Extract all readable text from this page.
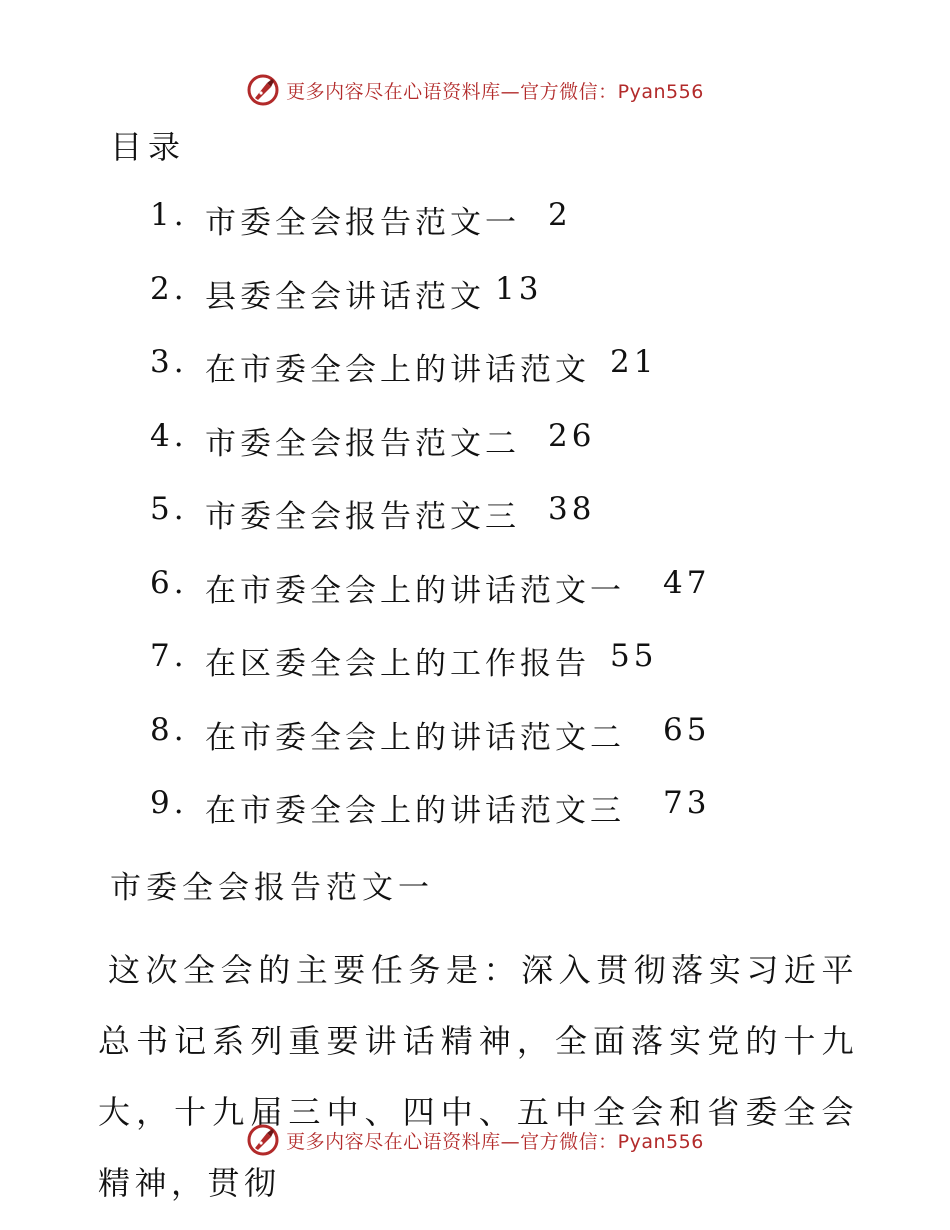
更多内容尽在心语资料库—官方微信：Pyan556
目录
1. 市委全会报告范文一 2
2. 县委全会讲话范文 13
3. 在市委全会上的讲话范文 21
4. 市委全会报告范文二 26
5. 市委全会报告范文三 38
6. 在市委全会上的讲话范文一 47
7. 在区委全会上的工作报告 55
8. 在市委全会上的讲话范文二 65
9. 在市委全会上的讲话范文三 73
市委全会报告范文一
这次全会的主要任务是：深入贯彻落实习近平总书记系列重要讲话精神，全面落实党的十九大，十九届三中、四中、五中全会和省委全会精神，贯彻
更多内容尽在心语资料库—官方微信：Pyan556
